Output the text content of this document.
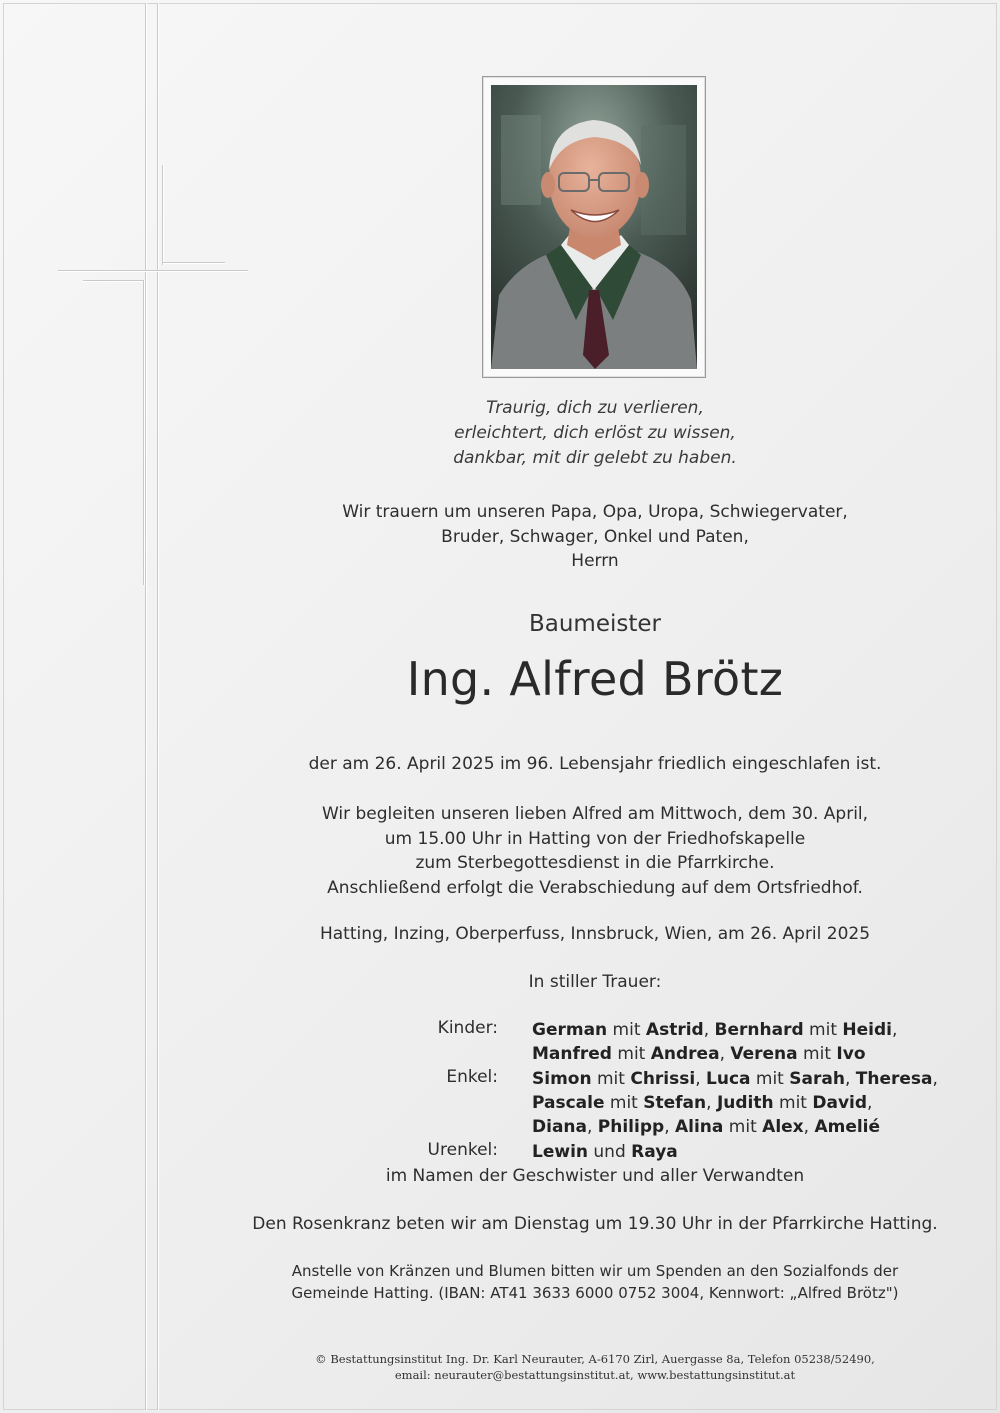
Traurig, dich zu verlieren,
erleichtert, dich erlöst zu wissen,
dankbar, mit dir gelebt zu haben.
Wir trauern um unseren Papa, Opa, Uropa, Schwiegervater,
Bruder, Schwager, Onkel und Paten,
Herrn
Baumeister
Ing. Alfred Brötz
der am 26. April 2025 im 96. Lebensjahr friedlich eingeschlafen ist.
Wir begleiten unseren lieben Alfred am Mittwoch, dem 30. April,
um 15.00 Uhr in Hatting von der Friedhofskapelle
zum Sterbegottesdienst in die Pfarrkirche.
Anschließend erfolgt die Verabschiedung auf dem Ortsfriedhof.
Hatting, Inzing, Oberperfuss, Innsbruck, Wien, am 26. April 2025
In stiller Trauer:
Kinder: German mit Astrid, Bernhard mit Heidi,
Manfred mit Andrea, Verena mit Ivo
Enkel: Simon mit Chrissi, Luca mit Sarah, Theresa,
Pascale mit Stefan, Judith mit David,
Diana, Philipp, Alina mit Alex, Amelié
Urenkel: Lewin und Raya
im Namen der Geschwister und aller Verwandten
Den Rosenkranz beten wir am Dienstag um 19.30 Uhr in der Pfarrkirche Hatting.
Anstelle von Kränzen und Blumen bitten wir um Spenden an den Sozialfonds der
Gemeinde Hatting. (IBAN: AT41 3633 6000 0752 3004, Kennwort: „Alfred Brötz")
© Bestattungsinstitut Ing. Dr. Karl Neurauter, A-6170 Zirl, Auergasse 8a, Telefon 05238/52490,
email: neurauter@bestattungsinstitut.at, www.bestattungsinstitut.at
